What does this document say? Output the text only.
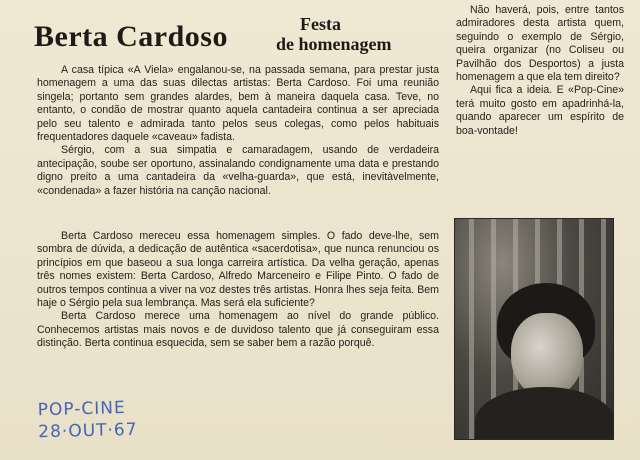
Berta Cardoso	Festa
de homenagem

A casa típica «A Viela» engalanou-se, na passada semana, para prestar justa homenagem a uma das suas dilectas artistas: Berta Cardoso. Foi uma reunião singela; portanto sem grandes alardes, bem à maneira daquela casa. Teve, no entanto, o condão de mostrar quanto aquela cantadeira continua a ser apreciada pelo seu talento e admirada tanto pelos seus colegas, como pelos habituais frequentadores daquele «caveau» fadista.

Sérgio, com a sua simpatia e camaradagem, usando de verdadeira antecipação, soube ser oportuno, assinalando condignamente uma data e prestando digno preito a uma cantadeira da «velha-guarda», que está, inevitàvelmente, «condenada» a fazer história na canção nacional.

Berta Cardoso mereceu essa homenagem simples. O fado deve-lhe, sem sombra de dúvida, a dedicação de autêntica «sacerdotisa», que nunca renunciou os princípios em que baseou a sua longa carreira artística. Da velha geração, apenas três nomes existem: Berta Cardoso, Alfredo Marceneiro e Filipe Pinto. O fado de outros tempos continua a viver na voz destes três artistas. Honra lhes seja feita. Bem haje o Sérgio pela sua lembrança. Mas será ela suficiente?

Berta Cardoso merece uma homenagem ao nível do grande público. Conhecemos artistas mais novos e de duvidoso talento que já conseguiram essa distinção. Berta continua esquecida, sem se saber bem a razão porquê.

Não haverá, pois, entre tantos admiradores desta artista quem, seguindo o exemplo de Sérgio, queira organizar (no Coliseu ou Pavilhão dos Desportos) a justa homenagem a que ela tem direito?

Aqui fica a ideia. E «Pop-Cine» terá muito gosto em apadrinhá-la, quando aparecer um espírito de boa-vontade!

POP-CINE
28·OUT·67
